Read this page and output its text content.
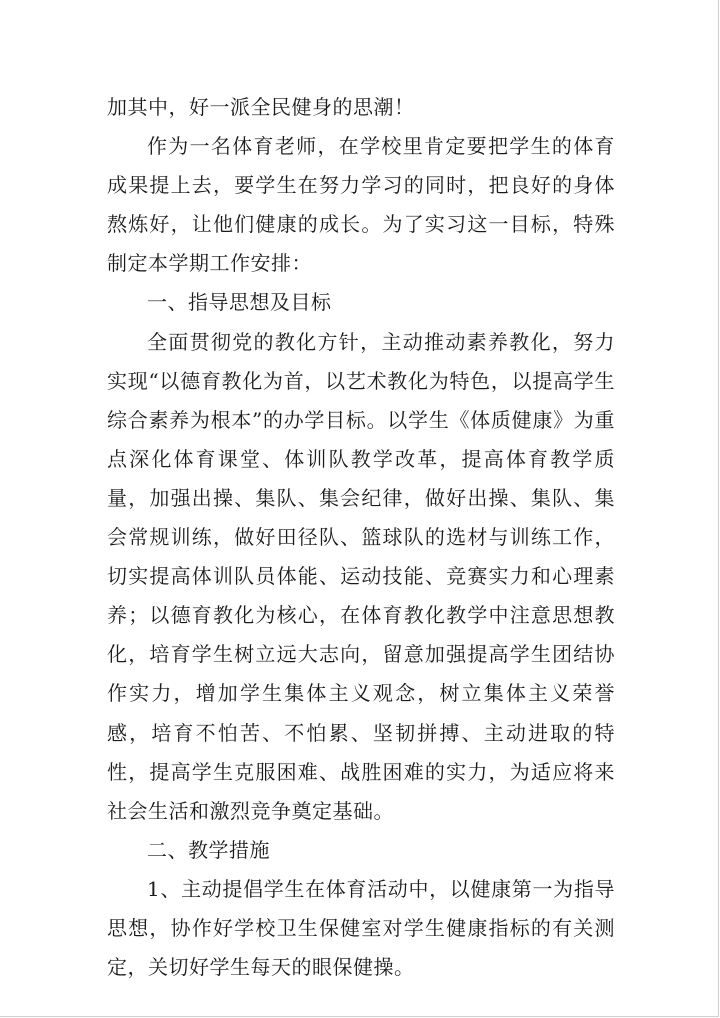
加其中，好一派全民健身的思潮！

作为一名体育老师，在学校里肯定要把学生的体育成果提上去，要学生在努力学习的同时，把良好的身体熬炼好，让他们健康的成长。为了实习这一目标，特殊制定本学期工作安排：

一、指导思想及目标

全面贯彻党的教化方针，主动推动素养教化，努力实现“以德育教化为首，以艺术教化为特色，以提高学生综合素养为根本”的办学目标。以学生《体质健康》为重点深化体育课堂、体训队教学改革，提高体育教学质量，加强出操、集队、集会纪律，做好出操、集队、集会常规训练，做好田径队、篮球队的选材与训练工作，切实提高体训队员体能、运动技能、竞赛实力和心理素养；以德育教化为核心，在体育教化教学中注意思想教化，培育学生树立远大志向，留意加强提高学生团结协作实力，增加学生集体主义观念，树立集体主义荣誉感，培育不怕苦、不怕累、坚韧拼搏、主动进取的特性，提高学生克服困难、战胜困难的实力，为适应将来社会生活和激烈竞争奠定基础。

二、教学措施

1、主动提倡学生在体育活动中，以健康第一为指导思想，协作好学校卫生保健室对学生健康指标的有关测定，关切好学生每天的眼保健操。
